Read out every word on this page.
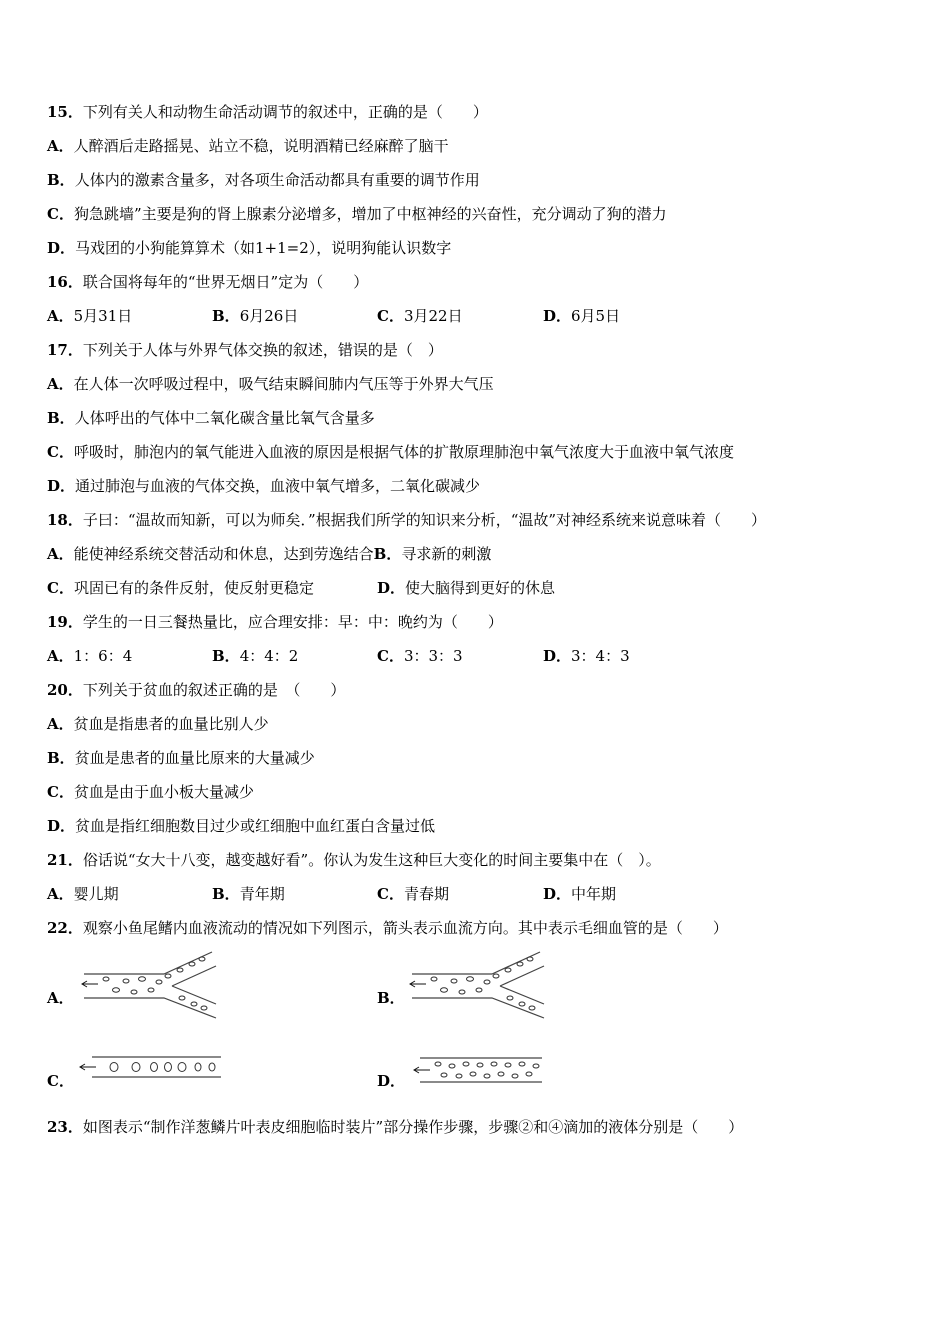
15．下列有关人和动物生命活动调节的叙述中，正确的是（　　）
A．人醉酒后走路摇晃、站立不稳，说明酒精已经麻醉了脑干
B．人体内的激素含量多，对各项生命活动都具有重要的调节作用
C．狗急跳墙”主要是狗的肾上腺素分泌增多，增加了中枢神经的兴奋性，充分调动了狗的潜力
D．马戏团的小狗能算算术（如1+1=2），说明狗能认识数字
16．联合国将每年的“世界无烟日”定为（　　）
A．5月31日	B．6月26日	C．3月22日	D．6月5日
17．下列关于人体与外界气体交换的叙述，错误的是（　）
A．在人体一次呼吸过程中，吸气结束瞬间肺内气压等于外界大气压
B．人体呼出的气体中二氧化碳含量比氧气含量多
C．呼吸时，肺泡内的氧气能进入血液的原因是根据气体的扩散原理肺泡中氧气浓度大于血液中氧气浓度
D．通过肺泡与血液的气体交换，血液中氧气增多，二氧化碳减少
18．子曰：“温故而知新，可以为师矣．”根据我们所学的知识来分析，“温故”对神经系统来说意味着（　　）
A．能使神经系统交替活动和休息，达到劳逸结合B．寻求新的刺激
C．巩固已有的条件反射，使反射更稳定	D．使大脑得到更好的休息
19．学生的一日三餐热量比，应合理安排：早：中：晚约为（　　）
A．1：6：4	B．4：4：2	C．3：3：3	D．3：4：3
20．下列关于贫血的叙述正确的是　（　　）
A．贫血是指患者的血量比别人少
B．贫血是患者的血量比原来的大量减少
C．贫血是由于血小板大量减少
D．贫血是指红细胞数目过少或红细胞中血红蛋白含量过低
21．俗话说“女大十八变，越变越好看”。你认为发生这种巨大变化的时间主要集中在（　）。
A．婴儿期	B．青年期	C．青春期	D．中年期
22．观察小鱼尾鳍内血液流动的情况如下列图示，箭头表示血流方向。其中表示毛细血管的是（　　）
A．	B．
C．	D．
23．如图表示“制作洋葱鳞片叶表皮细胞临时装片”部分操作步骤，步骤②和④滴加的液体分别是（　　）
